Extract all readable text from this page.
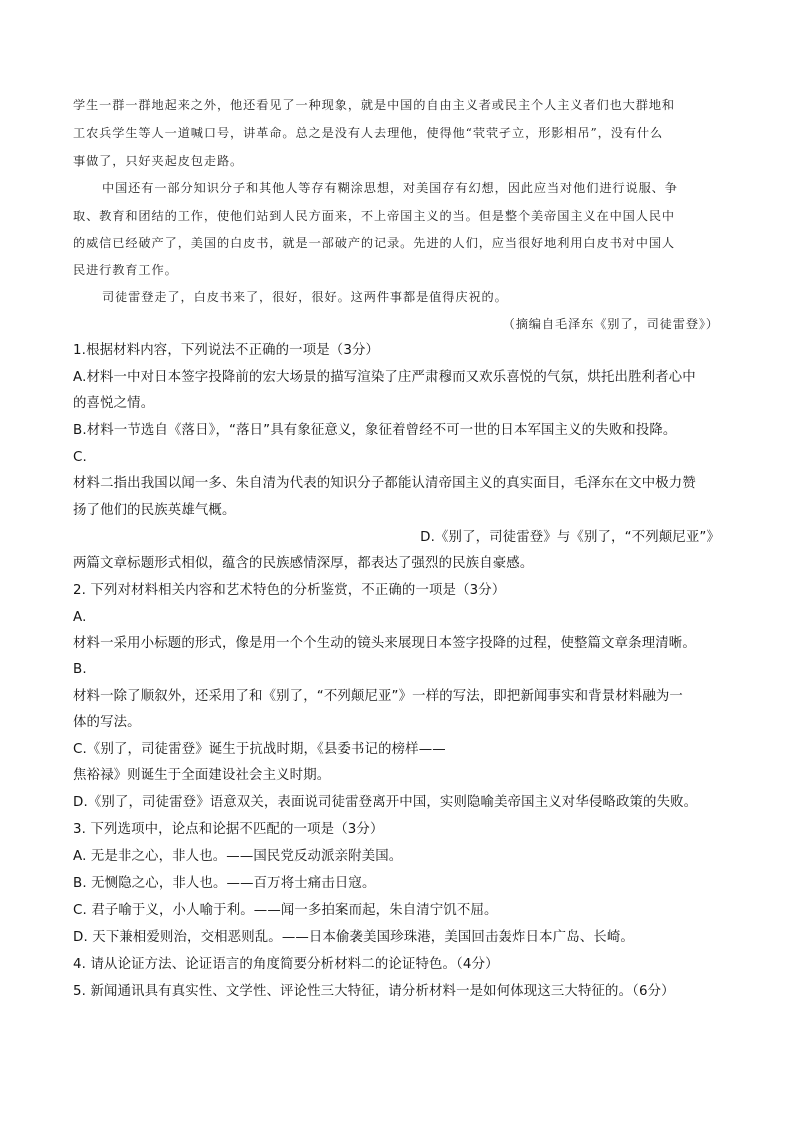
学生一群一群地起来之外，他还看见了一种现象，就是中国的自由主义者或民主个人主义者们也大群地和
工农兵学生等人一道喊口号，讲革命。总之是没有人去理他，使得他“茕茕孑立，形影相吊”，没有什么
事做了，只好夹起皮包走路。
中国还有一部分知识分子和其他人等存有糊涂思想，对美国存有幻想，因此应当对他们进行说服、争
取、教育和团结的工作，使他们站到人民方面来，不上帝国主义的当。但是整个美帝国主义在中国人民中
的威信已经破产了，美国的白皮书，就是一部破产的记录。先进的人们，应当很好地利用白皮书对中国人
民进行教育工作。
司徒雷登走了，白皮书来了，很好，很好。这两件事都是值得庆祝的。
（摘编自毛泽东《别了，司徒雷登》）
1.根据材料内容，下列说法不正确的一项是（3分）
A.材料一中对日本签字投降前的宏大场景的描写渲染了庄严肃穆而又欢乐喜悦的气氛，烘托出胜利者心中
的喜悦之情。
B.材料一节选自《落日》，“落日”具有象征意义，象征着曾经不可一世的日本军国主义的失败和投降。
C.
材料二指出我国以闻一多、朱自清为代表的知识分子都能认清帝国主义的真实面目，毛泽东在文中极力赞
扬了他们的民族英雄气概。
D.《别了，司徒雷登》与《别了，“不列颠尼亚”》
两篇文章标题形式相似，蕴含的民族感情深厚，都表达了强烈的民族自豪感。
2. 下列对材料相关内容和艺术特色的分析鉴赏，不正确的一项是（3分）
A.
材料一采用小标题的形式，像是用一个个生动的镜头来展现日本签字投降的过程，使整篇文章条理清晰。
B.
材料一除了顺叙外，还采用了和《别了，“不列颠尼亚”》一样的写法，即把新闻事实和背景材料融为一
体的写法。
C.《别了，司徒雷登》诞生于抗战时期，《县委书记的榜样——
焦裕禄》则诞生于全面建设社会主义时期。
D.《别了，司徒雷登》语意双关，表面说司徒雷登离开中国，实则隐喻美帝国主义对华侵略政策的失败。
3. 下列选项中，论点和论据不匹配的一项是（3分）
A. 无是非之心，非人也。——国民党反动派亲附美国。
B. 无恻隐之心，非人也。——百万将士痛击日寇。
C. 君子喻于义，小人喻于利。——闻一多拍案而起，朱自清宁饥不屈。
D. 天下兼相爱则治，交相恶则乱。——日本偷袭美国珍珠港，美国回击轰炸日本广岛、长崎。
4. 请从论证方法、论证语言的角度简要分析材料二的论证特色。（4分）
5. 新闻通讯具有真实性、文学性、评论性三大特征，请分析材料一是如何体现这三大特征的。（6分）
